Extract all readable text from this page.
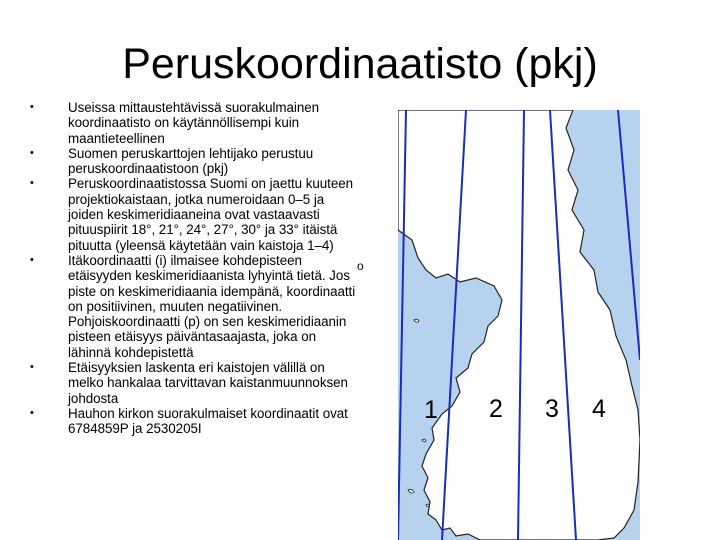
Peruskoordinaatisto (pkj)
•	Useissa mittaustehtävissä suorakulmainen koordinaatisto on käytännöllisempi kuin maantieteellinen
•	Suomen peruskarttojen lehtijako perustuu peruskoordinaatistoon (pkj)
•	Peruskoordinaatistossa Suomi on jaettu kuuteen projektiokaistaan, jotka numeroidaan 0–5 ja joiden keskimeridiaaneina ovat vastaavasti pituuspiirit 18°, 21°, 24°, 27°, 30° ja 33° itäistä pituutta (yleensä käytetään vain kaistoja 1–4)
•	Itäkoordinaatti (i) ilmaisee kohdepisteen etäisyyden keskimeridiaanista lyhyintä tietä. Jos piste on keskimeridiaania idempänä, koordinaatti on positiivinen, muuten negatiivinen. Pohjoiskoordinaatti (p) on sen keskimeridiaanin pisteen etäisyys päiväntasaajasta, joka on lähinnä kohdepistettä
•	Etäisyyksien laskenta eri kaistojen välillä on melko hankalaa tarvittavan kaistanmuunnoksen johdosta
•	Hauhon kirkon suorakulmaiset koordinaatit ovat 6784859P ja 2530205I
o
1 2 3 4
